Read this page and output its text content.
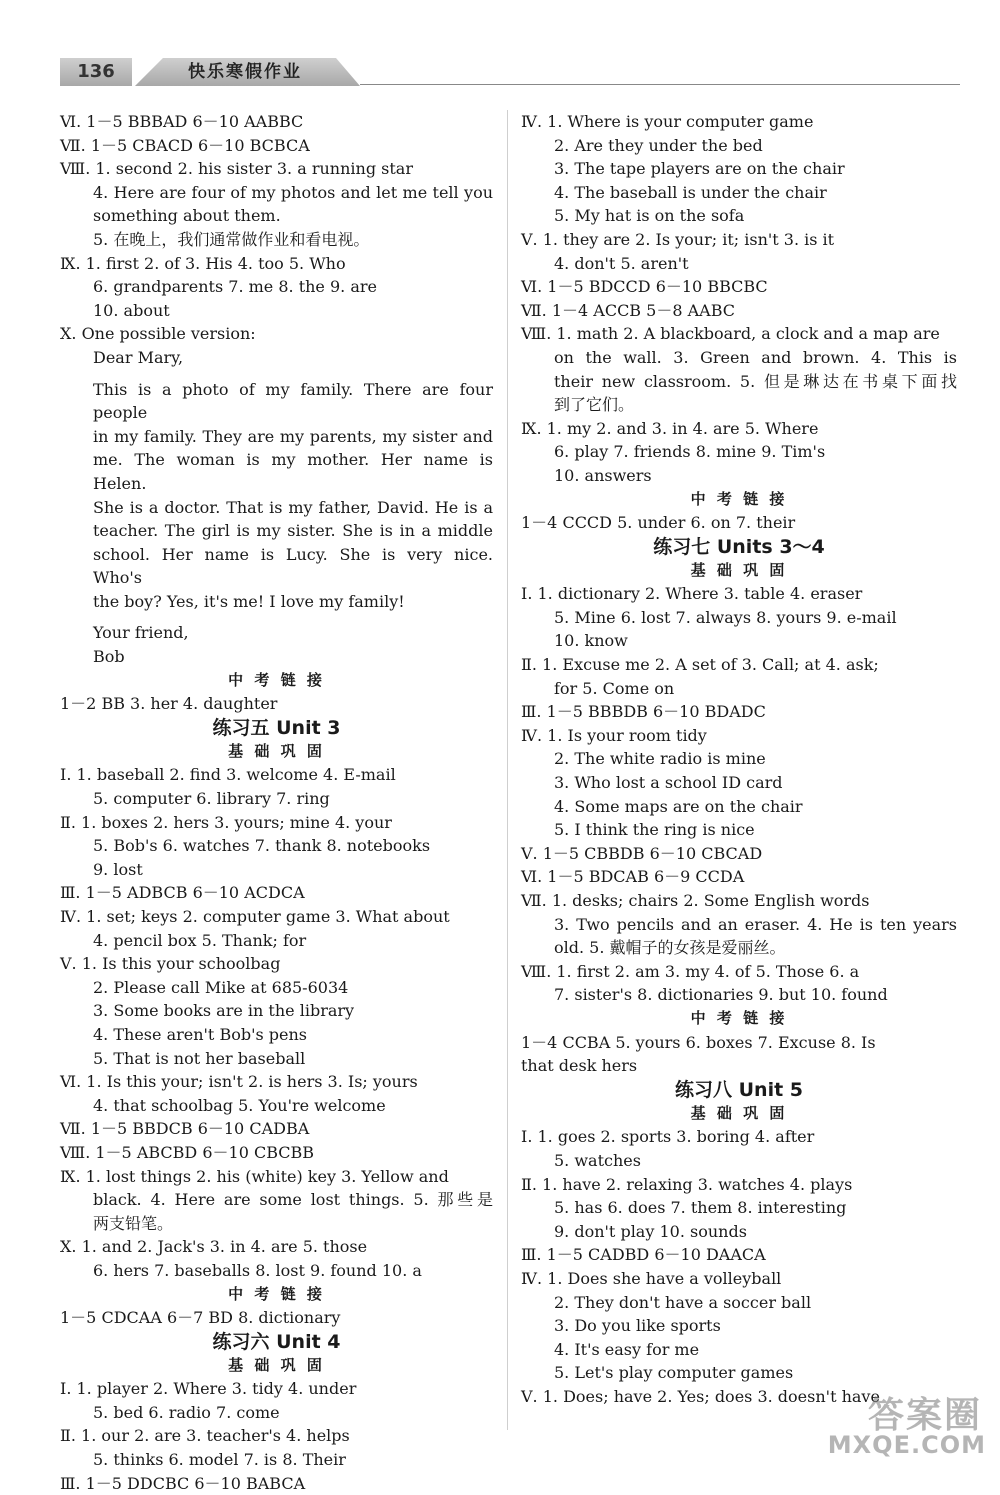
136	快乐寒假作业
Ⅵ. 1－5 BBBAD 6－10 AABBC
Ⅶ. 1－5 CBACD 6－10 BCBCA
Ⅷ. 1. second 2. his sister 3. a running star
4. Here are four of my photos and let me tell you
something about them.
5. 在晚上，我们通常做作业和看电视。
Ⅸ. 1. first 2. of 3. His 4. too 5. Who
6. grandparents 7. me 8. the 9. are
10. about
Ⅹ. One possible version:
Dear Mary,
This is a photo of my family. There are four people
in my family. They are my parents, my sister and
me. The woman is my mother. Her name is Helen.
She is a doctor. That is my father, David. He is a
teacher. The girl is my sister. She is in a middle
school. Her name is Lucy. She is very nice. Who's
the boy? Yes, it's me! I love my family!
Your friend,
Bob
中 考 链 接
1－2 BB 3. her 4. daughter
练习五 Unit 3
基 础 巩 固
Ⅰ. 1. baseball 2. find 3. welcome 4. E-mail
5. computer 6. library 7. ring
Ⅱ. 1. boxes 2. hers 3. yours; mine 4. your
5. Bob's 6. watches 7. thank 8. notebooks
9. lost
Ⅲ. 1－5 ADBCB 6－10 ACDCA
Ⅳ. 1. set; keys 2. computer game 3. What about
4. pencil box 5. Thank; for
Ⅴ. 1. Is this your schoolbag
2. Please call Mike at 685-6034
3. Some books are in the library
4. These aren't Bob's pens
5. That is not her baseball
Ⅵ. 1. Is this your; isn't 2. is hers 3. Is; yours
4. that schoolbag 5. You're welcome
Ⅶ. 1－5 BBDCB 6－10 CADBA
Ⅷ. 1－5 ABCBD 6－10 CBCBB
Ⅸ. 1. lost things 2. his (white) key 3. Yellow and
black. 4. Here are some lost things. 5. 那些是
两支铅笔。
Ⅹ. 1. and 2. Jack's 3. in 4. are 5. those
6. hers 7. baseballs 8. lost 9. found 10. a
中 考 链 接
1－5 CDCAA 6－7 BD 8. dictionary
练习六 Unit 4
基 础 巩 固
Ⅰ. 1. player 2. Where 3. tidy 4. under
5. bed 6. radio 7. come
Ⅱ. 1. our 2. are 3. teacher's 4. helps
5. thinks 6. model 7. is 8. Their
Ⅲ. 1－5 DDCBC 6－10 BABCA
Ⅳ. 1. Where is your computer game
2. Are they under the bed
3. The tape players are on the chair
4. The baseball is under the chair
5. My hat is on the sofa
Ⅴ. 1. they are 2. Is your; it; isn't 3. is it
4. don't 5. aren't
Ⅵ. 1－5 BDCCD 6－10 BBCBC
Ⅶ. 1－4 ACCB 5－8 AABC
Ⅷ. 1. math 2. A blackboard, a clock and a map are
on the wall. 3. Green and brown. 4. This is
their new classroom. 5. 但是琳达在书桌下面找
到了它们。
Ⅸ. 1. my 2. and 3. in 4. are 5. Where
6. play 7. friends 8. mine 9. Tim's
10. answers
中 考 链 接
1－4 CCCD 5. under 6. on 7. their
练习七 Units 3～4
基 础 巩 固
Ⅰ. 1. dictionary 2. Where 3. table 4. eraser
5. Mine 6. lost 7. always 8. yours 9. e-mail
10. know
Ⅱ. 1. Excuse me 2. A set of 3. Call; at 4. ask;
for 5. Come on
Ⅲ. 1－5 BBBDB 6－10 BDADC
Ⅳ. 1. Is your room tidy
2. The white radio is mine
3. Who lost a school ID card
4. Some maps are on the chair
5. I think the ring is nice
Ⅴ. 1－5 CBBDB 6－10 CBCAD
Ⅵ. 1－5 BDCAB 6－9 CCDA
Ⅶ. 1. desks; chairs 2. Some English words
3. Two pencils and an eraser. 4. He is ten years
old. 5. 戴帽子的女孩是爱丽丝。
Ⅷ. 1. first 2. am 3. my 4. of 5. Those 6. a
7. sister's 8. dictionaries 9. but 10. found
中 考 链 接
1－4 CCBA 5. yours 6. boxes 7. Excuse 8. Is
that desk hers
练习八 Unit 5
基 础 巩 固
Ⅰ. 1. goes 2. sports 3. boring 4. after
5. watches
Ⅱ. 1. have 2. relaxing 3. watches 4. plays
5. has 6. does 7. them 8. interesting
9. don't play 10. sounds
Ⅲ. 1－5 CADBD 6－10 DAACA
Ⅳ. 1. Does she have a volleyball
2. They don't have a soccer ball
3. Do you like sports
4. It's easy for me
5. Let's play computer games
Ⅴ. 1. Does; have 2. Yes; does 3. doesn't have
答案圈
MXQE.COM
